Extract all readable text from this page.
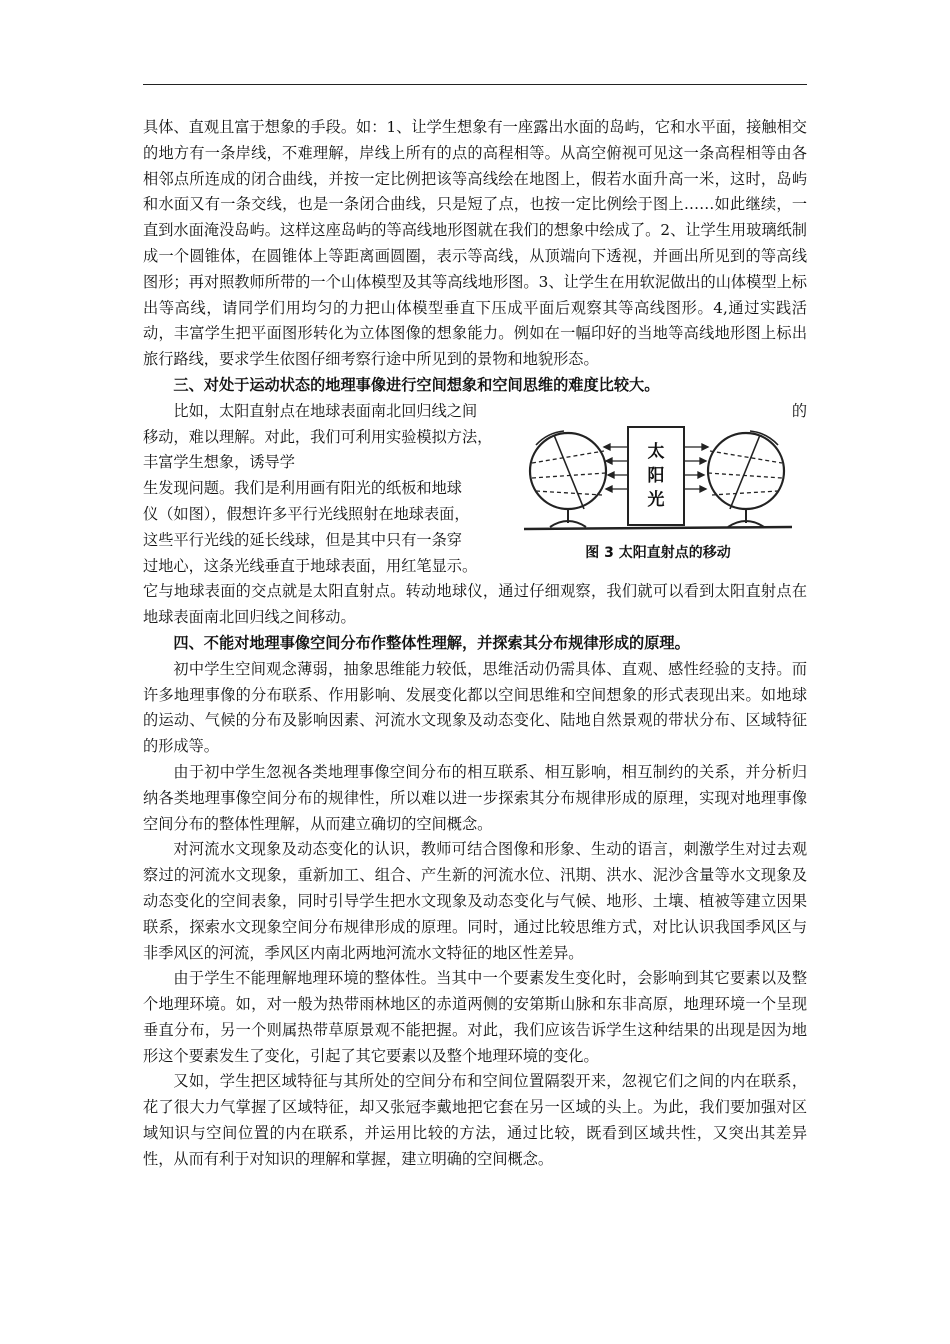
具体、直观且富于想象的手段。如：1、让学生想象有一座露出水面的岛屿，它和水平面，接触相交的地方有一条岸线，不难理解，岸线上所有的点的高程相等。从高空俯视可见这一条高程相等由各相邻点所连成的闭合曲线，并按一定比例把该等高线绘在地图上，假若水面升高一米，这时，岛屿和水面又有一条交线，也是一条闭合曲线，只是短了点，也按一定比例绘于图上……如此继续，一直到水面淹没岛屿。这样这座岛屿的等高线地形图就在我们的想象中绘成了。2、让学生用玻璃纸制成一个圆锥体，在圆锥体上等距离画圆圈，表示等高线，从顶端向下透视，并画出所见到的等高线图形；再对照教师所带的一个山体模型及其等高线地形图。3、让学生在用软泥做出的山体模型上标出等高线，请同学们用均匀的力把山体模型垂直下压成平面后观察其等高线图形。4,通过实践活动，丰富学生把平面图形转化为立体图像的想象能力。例如在一幅印好的当地等高线地形图上标出旅行路线，要求学生依图仔细考察行途中所见到的景物和地貌形态。

三、对处于运动状态的地理事像进行空间想象和空间思维的难度比较大。

比如，太阳直射点在地球表面南北回归线之间	的

移动，难以理解。对此，我们可利用实验模拟方法，

丰富学生想象，诱导学

生发现问题。我们是利用画有阳光的纸板和地球

仪（如图），假想许多平行光线照射在地球表面，

这些平行光线的延长线球，但是其中只有一条穿

过地心，这条光线垂直于地球表面，用红笔显示。

太
阳
光
图 3 太阳直射点的移动

它与地球表面的交点就是太阳直射点。转动地球仪，通过仔细观察，我们就可以看到太阳直射点在地球表面南北回归线之间移动。

四、不能对地理事像空间分布作整体性理解，并探索其分布规律形成的原理。

初中学生空间观念薄弱，抽象思维能力较低，思维活动仍需具体、直观、感性经验的支持。而许多地理事像的分布联系、作用影响、发展变化都以空间思维和空间想象的形式表现出来。如地球的运动、气候的分布及影响因素、河流水文现象及动态变化、陆地自然景观的带状分布、区域特征的形成等。

由于初中学生忽视各类地理事像空间分布的相互联系、相互影响，相互制约的关系，并分析归纳各类地理事像空间分布的规律性，所以难以进一步探索其分布规律形成的原理，实现对地理事像空间分布的整体性理解，从而建立确切的空间概念。

对河流水文现象及动态变化的认识，教师可结合图像和形象、生动的语言，刺激学生对过去观察过的河流水文现象，重新加工、组合、产生新的河流水位、汛期、洪水、泥沙含量等水文现象及动态变化的空间表象，同时引导学生把水文现象及动态变化与气候、地形、土壤、植被等建立因果联系，探索水文现象空间分布规律形成的原理。同时，通过比较思维方式，对比认识我国季风区与非季风区的河流，季风区内南北两地河流水文特征的地区性差异。

由于学生不能理解地理环境的整体性。当其中一个要素发生变化时，会影响到其它要素以及整个地理环境。如，对一般为热带雨林地区的赤道两侧的安第斯山脉和东非高原，地理环境一个呈现垂直分布，另一个则属热带草原景观不能把握。对此，我们应该告诉学生这种结果的出现是因为地形这个要素发生了变化，引起了其它要素以及整个地理环境的变化。

又如，学生把区域特征与其所处的空间分布和空间位置隔裂开来，忽视它们之间的内在联系，花了很大力气掌握了区域特征，却又张冠李戴地把它套在另一区域的头上。为此，我们要加强对区域知识与空间位置的内在联系，并运用比较的方法，通过比较，既看到区域共性，又突出其差异性，从而有利于对知识的理解和掌握，建立明确的空间概念。
